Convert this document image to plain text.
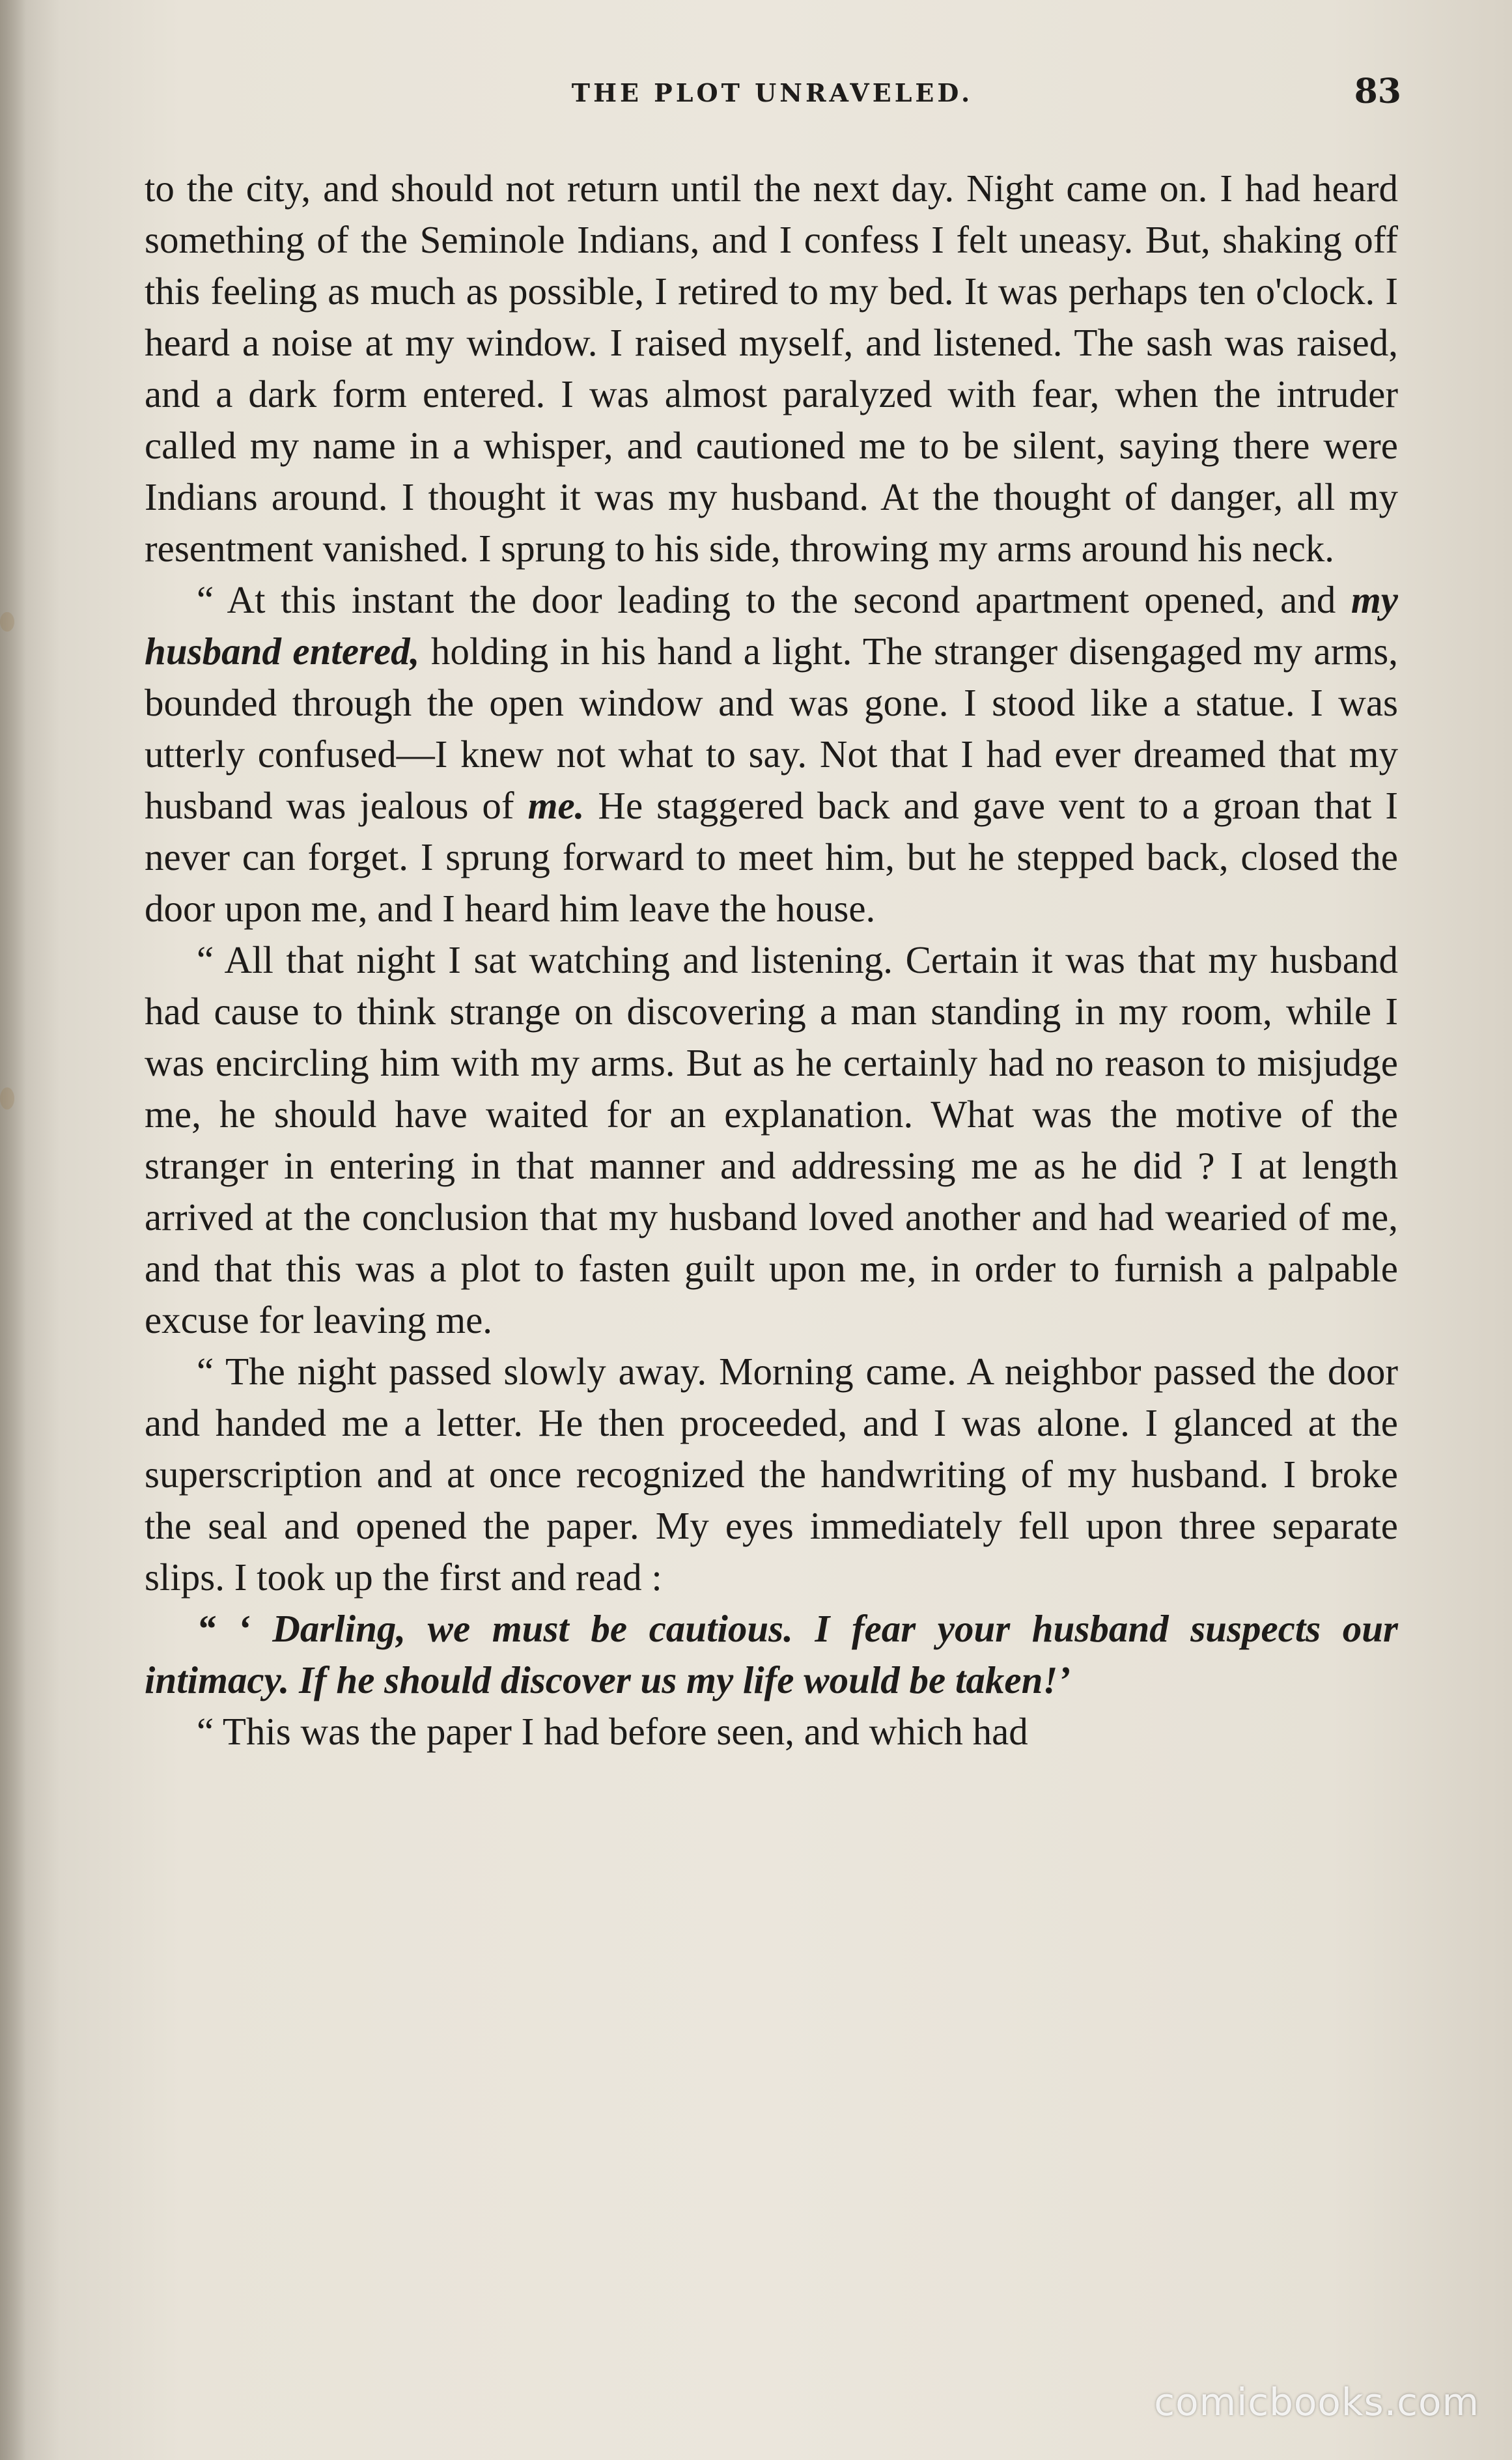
THE PLOT UNRAVELED.	83

to the city, and should not return until the next day. Night came on. I had heard something of the Seminole Indians, and I confess I felt uneasy. But, shaking off this feeling as much as possible, I retired to my bed. It was perhaps ten o'clock. I heard a noise at my window. I raised myself, and listened. The sash was raised, and a dark form entered. I was almost paralyzed with fear, when the intruder called my name in a whisper, and cautioned me to be silent, saying there were Indians around. I thought it was my husband. At the thought of danger, all my resentment vanished. I sprung to his side, throwing my arms around his neck.

“ At this instant the door leading to the second apartment opened, and my husband entered, holding in his hand a light. The stranger disengaged my arms, bounded through the open window and was gone. I stood like a statue. I was utterly confused—I knew not what to say. Not that I had ever dreamed that my husband was jealous of me. He staggered back and gave vent to a groan that I never can forget. I sprung forward to meet him, but he stepped back, closed the door upon me, and I heard him leave the house.

“ All that night I sat watching and listening. Certain it was that my husband had cause to think strange on discovering a man standing in my room, while I was encircling him with my arms. But as he certainly had no reason to misjudge me, he should have waited for an explanation. What was the motive of the stranger in entering in that manner and addressing me as he did ? I at length arrived at the conclusion that my husband loved another and had wearied of me, and that this was a plot to fasten guilt upon me, in order to furnish a palpable excuse for leaving me.

“ The night passed slowly away. Morning came. A neighbor passed the door and handed me a letter. He then proceeded, and I was alone. I glanced at the superscription and at once recognized the handwriting of my husband. I broke the seal and opened the paper. My eyes immediately fell upon three separate slips. I took up the first and read :

“ ‘ Darling, we must be cautious. I fear your husband suspects our intimacy. If he should discover us my life would be taken!’

“ This was the paper I had before seen, and which had

comicbooks.com
